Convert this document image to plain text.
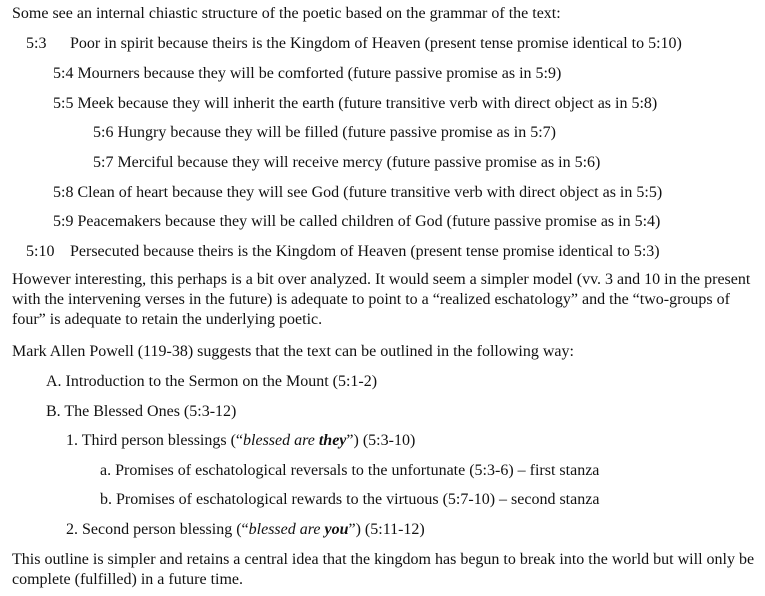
Some see an internal chiastic structure of the poetic based on the grammar of the text:
5:3 Poor in spirit because theirs is the Kingdom of Heaven (present tense promise identical to 5:10)
5:4 Mourners because they will be comforted (future passive promise as in 5:9)
5:5 Meek because they will inherit the earth (future transitive verb with direct object as in 5:8)
5:6 Hungry because they will be filled (future passive promise as in 5:7)
5:7 Merciful because they will receive mercy (future passive promise as in 5:6)
5:8 Clean of heart because they will see God (future transitive verb with direct object as in 5:5)
5:9 Peacemakers because they will be called children of God (future passive promise as in 5:4)
5:10 Persecuted because theirs is the Kingdom of Heaven (present tense promise identical to 5:3)
However interesting, this perhaps is a bit over analyzed. It would seem a simpler model (vv. 3 and 10 in the present with the intervening verses in the future) is adequate to point to a “realized eschatology” and the “two-groups of four” is adequate to retain the underlying poetic.
Mark Allen Powell (119-38) suggests that the text can be outlined in the following way:
A. Introduction to the Sermon on the Mount (5:1-2)
B. The Blessed Ones (5:3-12)
1. Third person blessings (“blessed are they”) (5:3-10)
a. Promises of eschatological reversals to the unfortunate (5:3-6) – first stanza
b. Promises of eschatological rewards to the virtuous (5:7-10) – second stanza
2. Second person blessing (“blessed are you”) (5:11-12)
This outline is simpler and retains a central idea that the kingdom has begun to break into the world but will only be complete (fulfilled) in a future time.
